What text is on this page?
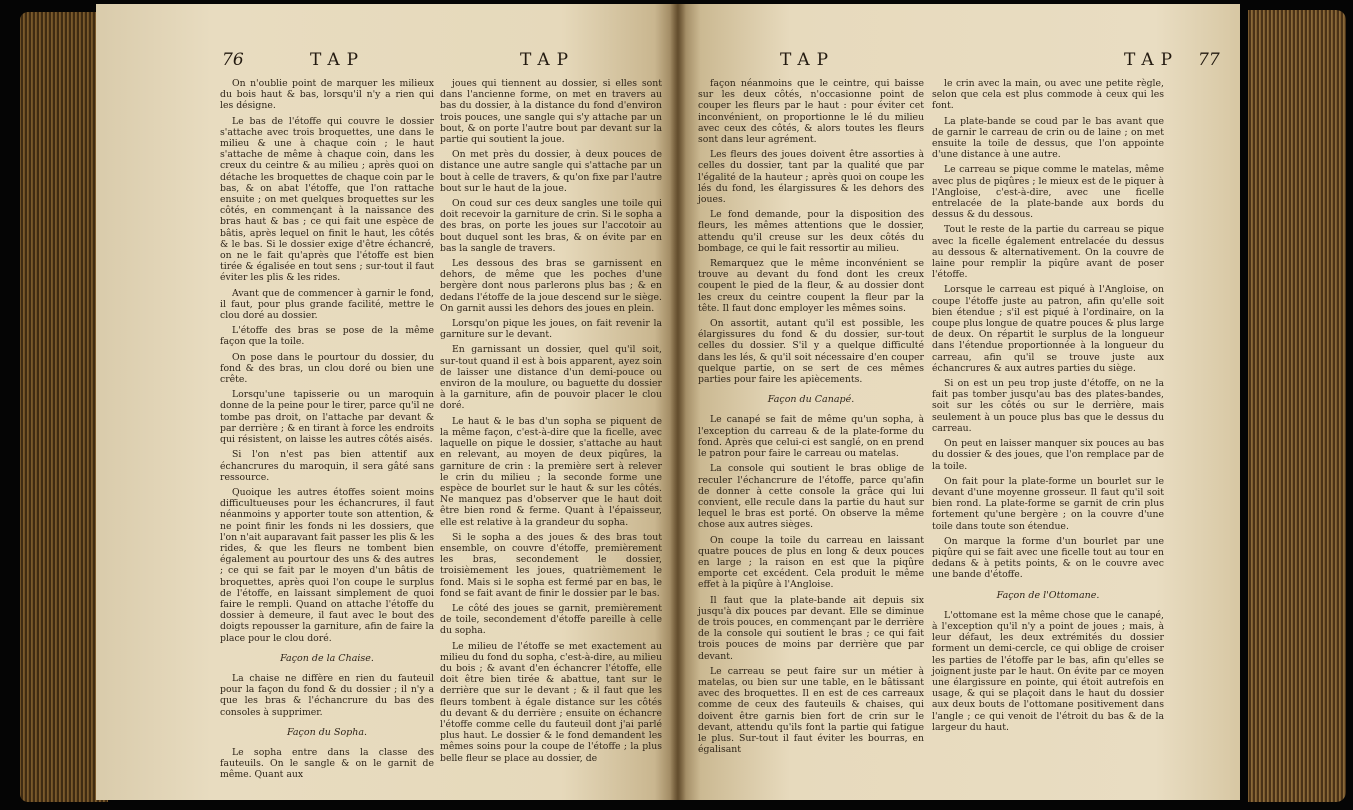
76	TAP	TAP

On n'oublie point de marquer les milieux du bois haut & bas, lorsqu'il n'y a rien qui les désigne.

Le bas de l'étoffe qui couvre le dossier s'attache avec trois broquettes, une dans le milieu & une à chaque coin ; le haut s'attache de même à chaque coin, dans les creux du ceintre & au milieu ; après quoi on détache les broquettes de chaque coin par le bas, & on abat l'étoffe, que l'on rattache ensuite ; on met quelques broquettes sur les côtés, en commençant à la naissance des bras haut & bas ; ce qui fait une espèce de bâtis, après lequel on finit le haut, les côtés & le bas. Si le dossier exige d'être échancré, on ne le fait qu'après que l'étoffe est bien tirée & égalisée en tout sens ; sur-tout il faut éviter les plis & les rides.

Avant que de commencer à garnir le fond, il faut, pour plus grande facilité, mettre le clou doré au dossier.

L'étoffe des bras se pose de la même façon que la toile.

On pose dans le pourtour du dossier, du fond & des bras, un clou doré ou bien une crête.

Lorsqu'une tapisserie ou un maroquin donne de la peine pour le tirer, parce qu'il ne tombe pas droit, on l'attache par devant & par derrière ; & en tirant à force les endroits qui résistent, on laisse les autres côtés aisés.

Si l'on n'est pas bien attentif aux échancrures du maroquin, il sera gâté sans ressource.

Quoique les autres étoffes soient moins difficultueuses pour les échancrures, il faut néanmoins y apporter toute son attention, & ne point finir les fonds ni les dossiers, que l'on n'ait auparavant fait passer les plis & les rides, & que les fleurs ne tombent bien également au pourtour des uns & des autres ; ce qui se fait par le moyen d'un bâtis de broquettes, après quoi l'on coupe le surplus de l'étoffe, en laissant simplement de quoi faire le rempli. Quand on attache l'étoffe du dossier à demeure, il faut avec le bout des doigts repousser la garniture, afin de faire la place pour le clou doré.

Façon de la Chaise.

La chaise ne diffère en rien du fauteuil pour la façon du fond & du dossier ; il n'y a que les bras & l'échancrure du bas des consoles à supprimer.

Façon du Sopha.

Le sopha entre dans la classe des fauteuils. On le sangle & on le garnit de même. Quant aux

joues qui tiennent au dossier, si elles sont dans l'ancienne forme, on met en travers au bas du dossier, à la distance du fond d'environ trois pouces, une sangle qui s'y attache par un bout, & on porte l'autre bout par devant sur la partie qui soutient la joue.

On met près du dossier, à deux pouces de distance une autre sangle qui s'attache par un bout à celle de travers, & qu'on fixe par l'autre bout sur le haut de la joue.

On coud sur ces deux sangles une toile qui doit recevoir la garniture de crin. Si le sopha a des bras, on porte les joues sur l'accotoir au bout duquel sont les bras, & on évite par en bas la sangle de travers.

Les dessous des bras se garnissent en dehors, de même que les poches d'une bergère dont nous parlerons plus bas ; & en dedans l'étoffe de la joue descend sur le siège. On garnit aussi les dehors des joues en plein.

Lorsqu'on pique les joues, on fait revenir la garniture sur le devant.

En garnissant un dossier, quel qu'il soit, sur-tout quand il est à bois apparent, ayez soin de laisser une distance d'un demi-pouce ou environ de la moulure, ou baguette du dossier à la garniture, afin de pouvoir placer le clou doré.

Le haut & le bas d'un sopha se piquent de la même façon, c'est-à-dire que la ficelle, avec laquelle on pique le dossier, s'attache au haut en relevant, au moyen de deux piqûres, la garniture de crin : la première sert à relever le crin du milieu ; la seconde forme une espèce de bourlet sur le haut & sur les côtés. Ne manquez pas d'observer que le haut doit être bien rond & ferme. Quant à l'épaisseur, elle est relative à la grandeur du sopha.

Si le sopha a des joues & des bras tout ensemble, on couvre d'étoffe, premièrement les bras, secondement le dossier, troisièmement les joues, quatrièmement le fond. Mais si le sopha est fermé par en bas, le fond se fait avant de finir le dossier par le bas.

Le côté des joues se garnit, premièrement de toile, secondement d'étoffe pareille à celle du sopha.

Le milieu de l'étoffe se met exactement au milieu du fond du sopha, c'est-à-dire, au milieu du bois ; & avant d'en échancrer l'étoffe, elle doit être bien tirée & abattue, tant sur le derrière que sur le devant ; & il faut que les fleurs tombent à égale distance sur les côtés du devant & du derrière ; ensuite on échancre l'étoffe comme celle du fauteuil dont j'ai parlé plus haut. Le dossier & le fond demandent les mêmes soins pour la coupe de l'étoffe ; la plus belle fleur se place au dossier, de

TAP	TAP 77

façon néanmoins que le ceintre, qui baisse sur les deux côtés, n'occasionne point de couper les fleurs par le haut : pour éviter cet inconvénient, on proportionne le lé du milieu avec ceux des côtés, & alors toutes les fleurs sont dans leur agrément.

Les fleurs des joues doivent être assorties à celles du dossier, tant par la qualité que par l'égalité de la hauteur ; après quoi on coupe les lés du fond, les élargissures & les dehors des joues.

Le fond demande, pour la disposition des fleurs, les mêmes attentions que le dossier, attendu qu'il creuse sur les deux côtés du bombage, ce qui le fait ressortir au milieu.

Remarquez que le même inconvénient se trouve au devant du fond dont les creux coupent le pied de la fleur, & au dossier dont les creux du ceintre coupent la fleur par la tête. Il faut donc employer les mêmes soins.

On assortit, autant qu'il est possible, les élargissures du fond & du dossier, sur-tout celles du dossier. S'il y a quelque difficulté dans les lés, & qu'il soit nécessaire d'en couper quelque partie, on se sert de ces mêmes parties pour faire les apiècements.

Façon du Canapé.

Le canapé se fait de même qu'un sopha, à l'exception du carreau & de la plate-forme du fond. Après que celui-ci est sanglé, on en prend le patron pour faire le carreau ou matelas.

La console qui soutient le bras oblige de reculer l'échancrure de l'étoffe, parce qu'afin de donner à cette console la grâce qui lui convient, elle recule dans la partie du haut sur lequel le bras est porté. On observe la même chose aux autres sièges.

On coupe la toile du carreau en laissant quatre pouces de plus en long & deux pouces en large ; la raison en est que la piqûre emporte cet excédent. Cela produit le même effet à la piqûre à l'Angloise.

Il faut que la plate-bande ait depuis six jusqu'à dix pouces par devant. Elle se diminue de trois pouces, en commençant par le derrière de la console qui soutient le bras ; ce qui fait trois pouces de moins par derrière que par devant.

Le carreau se peut faire sur un métier à matelas, ou bien sur une table, en le bâtissant avec des broquettes. Il en est de ces carreaux comme de ceux des fauteuils & chaises, qui doivent être garnis bien fort de crin sur le devant, attendu qu'ils font la partie qui fatigue le plus. Sur-tout il faut éviter les bourras, en égalisant

le crin avec la main, ou avec une petite règle, selon que cela est plus commode à ceux qui les font.

La plate-bande se coud par le bas avant que de garnir le carreau de crin ou de laine ; on met ensuite la toile de dessus, que l'on appointe d'une distance à une autre.

Le carreau se pique comme le matelas, même avec plus de piqûres ; le mieux est de le piquer à l'Angloise, c'est-à-dire, avec une ficelle entrelacée de la plate-bande aux bords du dessus & du dessous.

Tout le reste de la partie du carreau se pique avec la ficelle également entrelacée du dessus au dessous & alternativement. On la couvre de laine pour remplir la piqûre avant de poser l'étoffe.

Lorsque le carreau est piqué à l'Angloise, on coupe l'étoffe juste au patron, afin qu'elle soit bien étendue ; s'il est piqué à l'ordinaire, on la coupe plus longue de quatre pouces & plus large de deux. On répartit le surplus de la longueur dans l'étendue proportionnée à la longueur du carreau, afin qu'il se trouve juste aux échancrures & aux autres parties du siège.

Si on est un peu trop juste d'étoffe, on ne la fait pas tomber jusqu'au bas des plates-bandes, soit sur les côtés ou sur le derrière, mais seulement à un pouce plus bas que le dessus du carreau.

On peut en laisser manquer six pouces au bas du dossier & des joues, que l'on remplace par de la toile.

On fait pour la plate-forme un bourlet sur le devant d'une moyenne grosseur. Il faut qu'il soit bien rond. La plate-forme se garnit de crin plus fortement qu'une bergère ; on la couvre d'une toile dans toute son étendue.

On marque la forme d'un bourlet par une piqûre qui se fait avec une ficelle tout au tour en dedans & à petits points, & on le couvre avec une bande d'étoffe.

Façon de l'Ottomane.

L'ottomane est la même chose que le canapé, à l'exception qu'il n'y a point de joues ; mais, à leur défaut, les deux extrémités du dossier forment un demi-cercle, ce qui oblige de croiser les parties de l'étoffe par le bas, afin qu'elles se joignent juste par le haut. On évite par ce moyen une élargissure en pointe, qui étoit autrefois en usage, & qui se plaçoit dans le haut du dossier aux deux bouts de l'ottomane positivement dans l'angle ; ce qui venoit de l'étroit du bas & de la largeur du haut.
